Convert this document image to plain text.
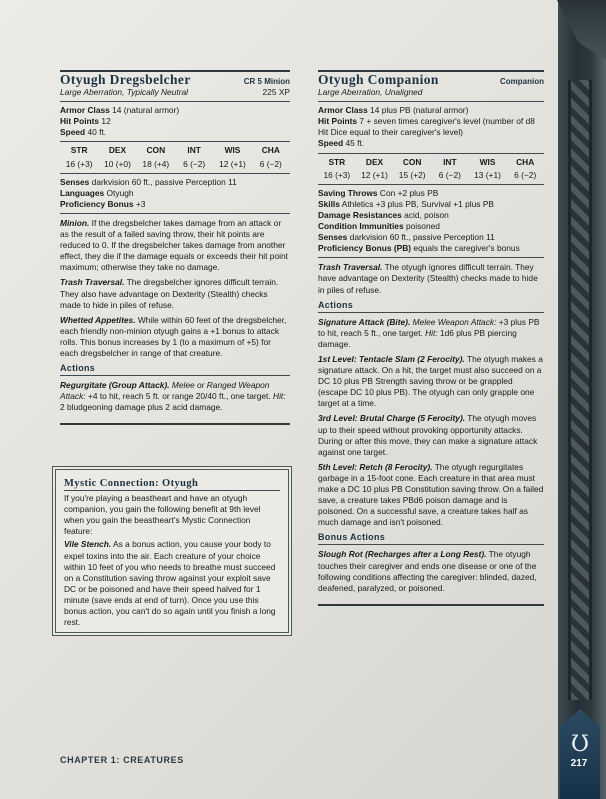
Ʊ
217
CHAPTER 1: CREATURES
Otyugh Dregsbelcher	CR 5 Minion
Large Aberration, Typically Neutral	225 XP
Armor Class 14 (natural armor)
Hit Points 12
Speed 40 ft.
STR	DEX	CON	INT	WIS	CHA
16 (+3)	10 (+0)	18 (+4)	6 (−2)	12 (+1)	6 (−2)
Senses darkvision 60 ft., passive Perception 11
Languages Otyugh
Proficiency Bonus +3
Minion. If the dregsbelcher takes damage from an attack or as the result of a failed saving throw, their hit points are reduced to 0. If the dregsbelcher takes damage from another effect, they die if the damage equals or exceeds their hit point maximum; otherwise they take no damage.
Trash Traversal. The dregsbelcher ignores difficult terrain. They also have advantage on Dexterity (Stealth) checks made to hide in piles of refuse.
Whetted Appetites. While within 60 feet of the dregsbelcher, each friendly non-minion otyugh gains a +1 bonus to attack rolls. This bonus increases by 1 (to a maximum of +5) for each dregsbelcher in range of that creature.
Actions
Regurgitate (Group Attack). Melee or Ranged Weapon Attack: +4 to hit, reach 5 ft. or range 20/40 ft., one target. Hit: 2 bludgeoning damage plus 2 acid damage.
Mystic Connection: Otyugh
If you're playing a beastheart and have an otyugh companion, you gain the following benefit at 9th level when you gain the beastheart's Mystic Connection feature:
Vile Stench. As a bonus action, you cause your body to expel toxins into the air. Each creature of your choice within 10 feet of you who needs to breathe must succeed on a Constitution saving throw against your exploit save DC or be poisoned and have their speed halved for 1 minute (save ends at end of turn). Once you use this bonus action, you can't do so again until you finish a long rest.
Otyugh Companion	Companion
Large Aberration, Unaligned
Armor Class 14 plus PB (natural armor)
Hit Points 7 + seven times caregiver's level (number of d8 Hit Dice equal to their caregiver's level)
Speed 45 ft.
STR	DEX	CON	INT	WIS	CHA
16 (+3)	12 (+1)	15 (+2)	6 (−2)	13 (+1)	6 (−2)
Saving Throws Con +2 plus PB
Skills Athletics +3 plus PB, Survival +1 plus PB
Damage Resistances acid, poison
Condition Immunities poisoned
Senses darkvision 60 ft., passive Perception 11
Proficiency Bonus (PB) equals the caregiver's bonus
Trash Traversal. The otyugh ignores difficult terrain. They have advantage on Dexterity (Stealth) checks made to hide in piles of refuse.
Actions
Signature Attack (Bite). Melee Weapon Attack: +3 plus PB to hit, reach 5 ft., one target. Hit: 1d6 plus PB piercing damage.
1st Level: Tentacle Slam (2 Ferocity). The otyugh makes a signature attack. On a hit, the target must also succeed on a DC 10 plus PB Strength saving throw or be grappled (escape DC 10 plus PB). The otyugh can only grapple one target at a time.
3rd Level: Brutal Charge (5 Ferocity). The otyugh moves up to their speed without provoking opportunity attacks. During or after this move, they can make a signature attack against one target.
5th Level: Retch (8 Ferocity). The otyugh regurgitates garbage in a 15-foot cone. Each creature in that area must make a DC 10 plus PB Constitution saving throw. On a failed save, a creature takes PBd6 poison damage and is poisoned. On a successful save, a creature takes half as much damage and isn't poisoned.
Bonus Actions
Slough Rot (Recharges after a Long Rest). The otyugh touches their caregiver and ends one disease or one of the following conditions affecting the caregiver: blinded, dazed, deafened, paralyzed, or poisoned.
